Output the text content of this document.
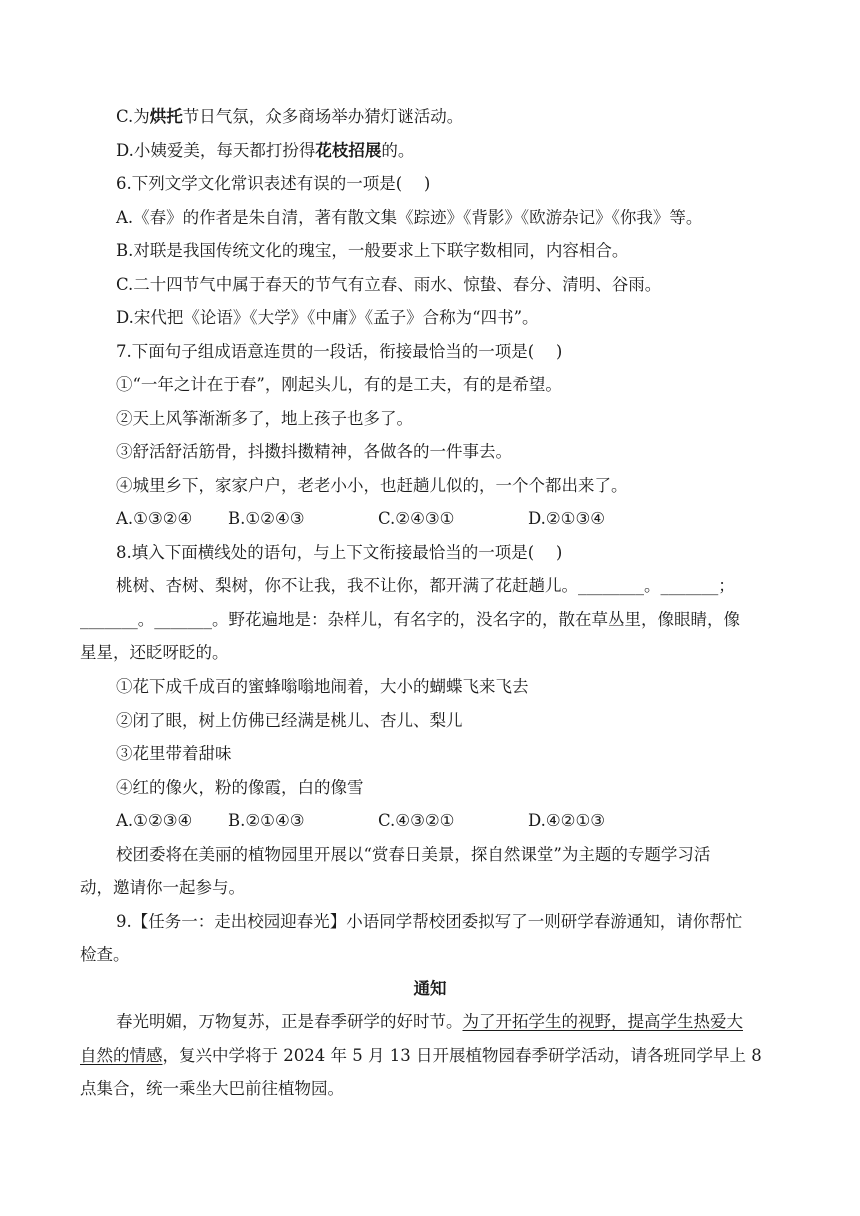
C.为烘托节日气氛，众多商场举办猜灯谜活动。
D.小姨爱美，每天都打扮得花枝招展的。
6.下列文学文化常识表述有误的一项是(　 )
A.《春》的作者是朱自清，著有散文集《踪迹》《背影》《欧游杂记》《你我》等。
B.对联是我国传统文化的瑰宝，一般要求上下联字数相同，内容相合。
C.二十四节气中属于春天的节气有立春、雨水、惊蛰、春分、清明、谷雨。
D.宋代把《论语》《大学》《中庸》《孟子》合称为“四书”。
7.下面句子组成语意连贯的一段话，衔接最恰当的一项是(　 )
①“一年之计在于春”，刚起头儿，有的是工夫，有的是希望。
②天上风筝渐渐多了，地上孩子也多了。
③舒活舒活筋骨，抖擞抖擞精神，各做各的一件事去。
④城里乡下，家家户户，老老小小，也赶趟儿似的，一个个都出来了。
A.①③②④ B.①②④③	C.②④③①	D.②①③④
8.填入下面横线处的语句，与上下文衔接最恰当的一项是(　 )
桃树、杏树、梨树，你不让我，我不让你，都开满了花赶趟儿。________。_______；
_______。_______。野花遍地是：杂样儿，有名字的，没名字的，散在草丛里，像眼睛，像
星星，还眨呀眨的。
①花下成千成百的蜜蜂嗡嗡地闹着，大小的蝴蝶飞来飞去
②闭了眼，树上仿佛已经满是桃儿、杏儿、梨儿
③花里带着甜味
④红的像火，粉的像霞，白的像雪
A.①②③④ B.②①④③	C.④③②①	D.④②①③
校团委将在美丽的植物园里开展以“赏春日美景，探自然课堂”为主题的专题学习活
动，邀请你一起参与。
9.【任务一：走出校园迎春光】小语同学帮校团委拟写了一则研学春游通知，请你帮忙
检查。
通知
春光明媚，万物复苏，正是春季研学的好时节。为了开拓学生的视野，提高学生热爱大
自然的情感，复兴中学将于 2024 年 5 月 13 日开展植物园春季研学活动，请各班同学早上 8
点集合，统一乘坐大巴前往植物园。
